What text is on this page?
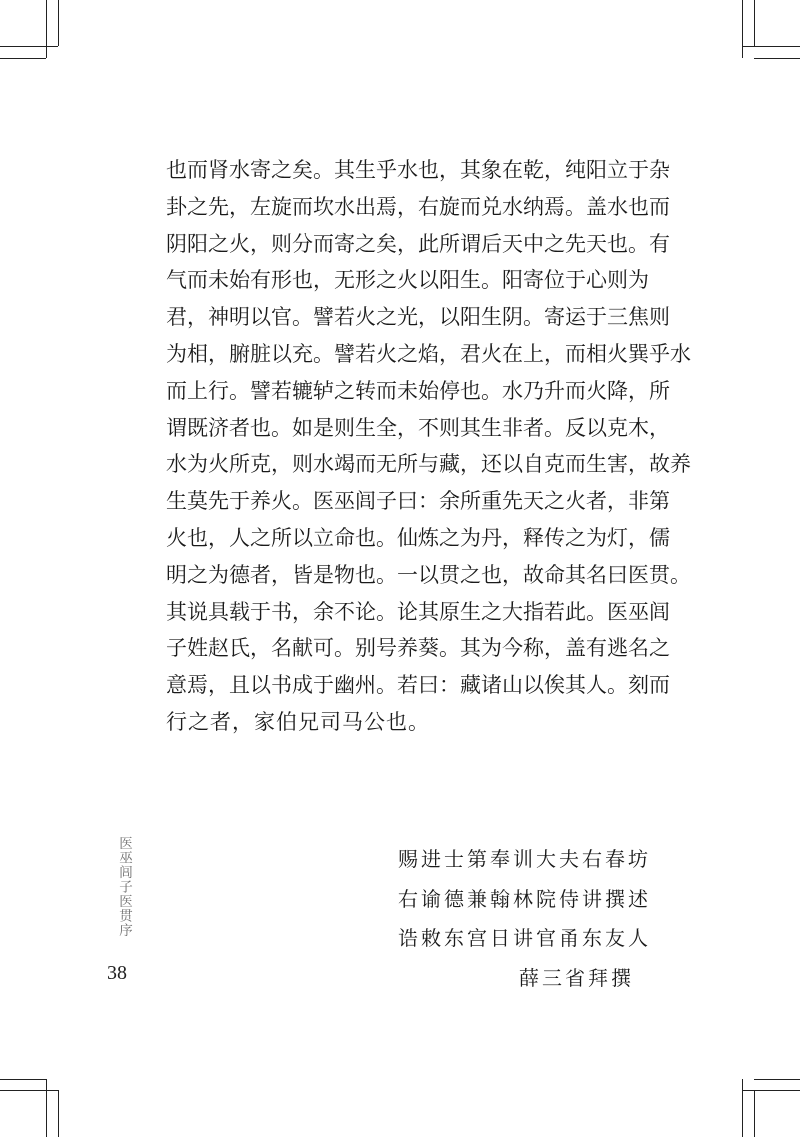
也而肾水寄之矣。其生乎水也，其象在乾，纯阳立于杂
卦之先，左旋而坎水出焉，右旋而兑水纳焉。盖水也而
阴阳之火，则分而寄之矣，此所谓后天中之先天也。有
气而未始有形也，无形之火以阳生。阳寄位于心则为
君，神明以官。譬若火之光，以阳生阴。寄运于三焦则
为相，腑脏以充。譬若火之焰，君火在上，而相火巽乎水
而上行。譬若辘轳之转而未始停也。水乃升而火降，所
谓既济者也。如是则生全，不则其生非者。反以克木，
水为火所克，则水竭而无所与藏，还以自克而生害，故养
生莫先于养火。医巫闾子曰：余所重先天之火者，非第
火也，人之所以立命也。仙炼之为丹，释传之为灯，儒
明之为德者，皆是物也。一以贯之也，故命其名曰医贯。
其说具载于书，余不论。论其原生之大指若此。医巫闾
子姓赵氏，名献可。别号养葵。其为今称，盖有逃名之
意焉，且以书成于幽州。若曰：藏诸山以俟其人。刻而
行之者，家伯兄司马公也。
赐进士第奉训大夫右春坊
右谕德兼翰林院侍讲撰述
诰敕东宫日讲官甬东友人
薛三省拜撰
医巫闾子医贯序
38
